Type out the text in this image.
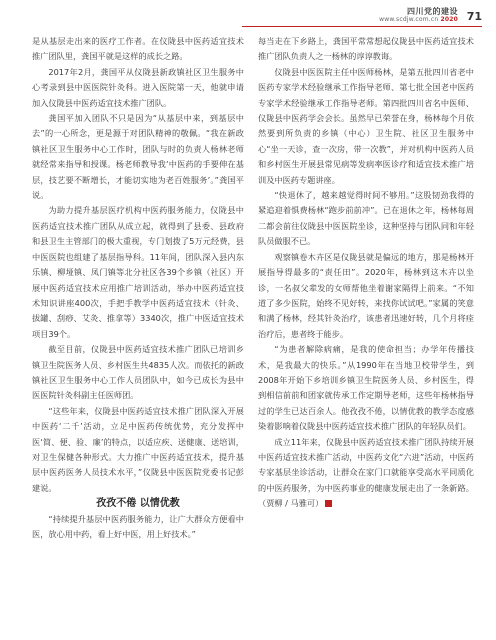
四川党的建设
www.scdjw.com.cn 2020 71

是从基层走出来的医疗工作者。在仪陇县中医药适宜技术推广团队里，龚国平就是这样的成长之路。

2017年2月，龚国平从仪陇县新政镇社区卫生服务中心考录到县中医医院针灸科。进入医院第一天，他就申请加入仪陇县中医药适宜技术推广团队。

龚国平加入团队不只是因为“从基层中来，到基层中去”的一心所念，更是源于对团队精神的敬佩。“我在新政镇社区卫生服务中心工作时，团队与时的负责人杨林老师就经常来指导和授课。杨老师教导我‘中医药的手要伸在基层，技艺要不断增长，才能切实地为老百姓服务’。”龚国平说。

为助力提升基层医疗机构中医药服务能力，仪陇县中医药适宜技术推广团队从成立起，就得到了县委、县政府和县卫生主管部门的极大重视，专门划拨了5万元经费，县中医医院也组建了基层指导科。11年间，团队深入县内东乐镇、柳垭镇、凤门镇等北分社区各39个乡镇（社区）开展中医药适宜技术应用推广培训活动，举办中医药适宜技术知识讲座400次，手把手教学中医药适宜技术（针灸、拔罐、刮痧、艾灸、推拿等）3340次，推广中医适宜技术项目39个。

截至目前，仪陇县中医药适宜技术推广团队已培训乡镇卫生院医务人员、乡村医生共4835人次。而依托的新政镇社区卫生服务中心工作人员团队中，如今已成长为县中医医院针灸科副主任医师团。

“这些年来，仪陇县中医药适宜技术推广团队深入开展中医药‘二千’活动，立足中医药传统优势，充分发挥中医‘简、便、验、廉’的特点，以适应疾、送健康、送培训，对卫生保健各种形式。大力推广中医药适宜技术，提升基层中医药医务人员技术水平，”仪陇县中医医院党委书记彭建说。

孜孜不倦 以情优教

“持续提升基层中医药服务能力，让广大群众方便看中医，放心用中药，看上好中医，用上好技术。”

每当走在下乡路上，龚国平常常想起仪陇县中医药适宜技术推广团队负责人之一杨林的谆谆教诲。

仪陇县中医医院主任中医师杨林，是第五批四川省老中医药专家学术经验继承工作指导老师、第七批全国老中医药专家学术经验继承工作指导老师。第四批四川省名中医师、仪陇县中医药学会会长。虽然早已荣誉在身，杨林每个月依然要到所负责的乡镇（中心）卫生院、社区卫生服务中心“坐一天诊，查一次房，带一次教”，并对机构中医药人员和乡村医生开展县常见病等发病率医诊疗和适宜技术推广培训及中医药专题讲座。

“快退休了，越来越觉得时间不够用。”这股韧劲我得的紧追迎着惧费杨林“跑步前前冲”。已在退休之年，杨林每周二都会前往仪陇县中医医院坐诊，这种坚持与团队同和年轻队员做服不已。

观察镇卷木卉区是仪陇县就是偏远的地方，那是杨林开展指导得最多的“责任田”。2020年，杨林到这木卉以坐诊，一名叔父辈发的女师帮他坐着谢家隔得上前来。“不知道了多少医院，始终不见好转，来找你试试吧。”家属的笑意和满了杨林，经其针灸治疗，该患者迅速好转，几个月将痊治疗后，患者终于能步。

“为患者解除病痛，是我的使命担当；办学年传播技术，是我最大的快乐。”从1990年在当地卫校带学生，到2008年开始下乡培训乡镇卫生院医务人员、乡村医生，得到相信前前和团家就传承工作定期导老师，这些年杨林指导过的学生已达百余人。他孜孜不倦，以情优教的教学态度感染着影响着仪陇县中医药适宜技术推广团队的年轻队员们。

成立11年来，仪陇县中医药适宜技术推广团队持续开展中医药适宜技术推广活动，中医药文化“六进”活动，中医药专家基层坐诊活动，让群众在家门口就能享受高水平同质化的中医药服务，为中医药事业的健康发展走出了一条新路。（贾柳 / 马雅可）
